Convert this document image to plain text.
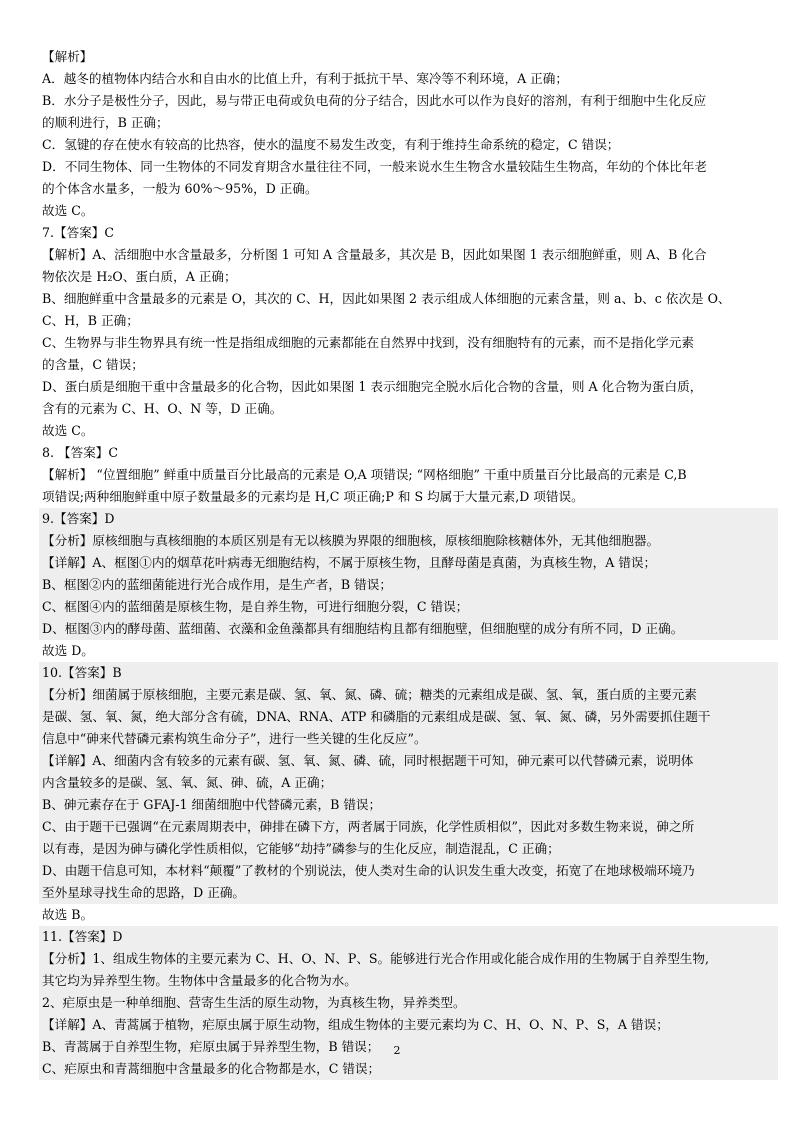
【解析】
A．越冬的植物体内结合水和自由水的比值上升，有利于抵抗干旱、寒冷等不利环境，A 正确；
B．水分子是极性分子，因此，易与带正电荷或负电荷的分子结合，因此水可以作为良好的溶剂，有利于细胞中生化反应
的顺利进行，B 正确；
C．氢键的存在使水有较高的比热容，使水的温度不易发生改变，有利于维持生命系统的稳定，C 错误；
D．不同生物体、同一生物体的不同发育期含水量往往不同，一般来说水生生物含水量较陆生生物高，年幼的个体比年老
的个体含水量多，一般为 60%～95%，D 正确。
故选 C。
7.【答案】C
【解析】A、活细胞中水含量最多，分析图 1 可知 A 含量最多，其次是 B，因此如果图 1 表示细胞鲜重，则 A、B 化合
物依次是 H₂O、蛋白质，A 正确；
B、细胞鲜重中含量最多的元素是 O，其次的 C、H，因此如果图 2 表示组成人体细胞的元素含量，则 a、b、c 依次是 O、
C、H，B 正确；
C、生物界与非生物界具有统一性是指组成细胞的元素都能在自然界中找到，没有细胞特有的元素，而不是指化学元素
的含量，C 错误；
D、蛋白质是细胞干重中含量最多的化合物，因此如果图 1 表示细胞完全脱水后化合物的含量，则 A 化合物为蛋白质，
含有的元素为 C、H、O、N 等，D 正确。
故选 C。
8. 【答案】C
【解析】 “位置细胞” 鲜重中质量百分比最高的元素是 O,A 项错误; “网格细胞” 干重中质量百分比最高的元素是 C,B
项错误;两种细胞鲜重中原子数量最多的元素均是 H,C 项正确;P 和 S 均属于大量元素,D 项错误。
9.【答案】D
【分析】原核细胞与真核细胞的本质区别是有无以核膜为界限的细胞核，原核细胞除核糖体外，无其他细胞器。
【详解】A、框图①内的烟草花叶病毒无细胞结构，不属于原核生物，且酵母菌是真菌，为真核生物，A 错误；
B、框图②内的蓝细菌能进行光合成作用，是生产者，B 错误；
C、框图④内的蓝细菌是原核生物，是自养生物，可进行细胞分裂，C 错误；
D、框图③内的酵母菌、蓝细菌、衣藻和金鱼藻都具有细胞结构且都有细胞壁，但细胞壁的成分有所不同，D 正确。
故选 D。
10.【答案】B
【分析】细菌属于原核细胞，主要元素是碳、氢、氧、氮、磷、硫；糖类的元素组成是碳、氢、氧，蛋白质的主要元素
是碳、氢、氧、氮，绝大部分含有硫，DNA、RNA、ATP 和磷脂的元素组成是碳、氢、氧、氮、磷，另外需要抓住题干
信息中“砷来代替磷元素构筑生命分子”，进行一些关键的生化反应”。
【详解】A、细菌内含有较多的元素有碳、氢、氧、氮、磷、硫，同时根据题干可知，砷元素可以代替磷元素，说明体
内含量较多的是碳、氢、氧、氮、砷、硫，A 正确；
B、砷元素存在于 GFAJ-1 细菌细胞中代替磷元素，B 错误；
C、由于题干已强调“在元素周期表中，砷排在磷下方，两者属于同族，化学性质相似”，因此对多数生物来说，砷之所
以有毒，是因为砷与磷化学性质相似，它能够“劫持”磷参与的生化反应，制造混乱，C 正确；
D、由题干信息可知，本材料“颠覆”了教材的个别说法，使人类对生命的认识发生重大改变，拓宽了在地球极端环境乃
至外星球寻找生命的思路，D 正确。
故选 B。
11.【答案】D
【分析】1、组成生物体的主要元素为 C、H、O、N、P、S。能够进行光合作用或化能合成作用的生物属于自养型生物,
其它均为异养型生物。生物体中含量最多的化合物为水。
2、疟原虫是一种单细胞、营寄生生活的原生动物，为真核生物，异养类型。
【详解】A、青蒿属于植物，疟原虫属于原生动物，组成生物体的主要元素均为 C、H、O、N、P、S，A 错误；
B、青蒿属于自养型生物，疟原虫属于异养型生物，B 错误；
C、疟原虫和青蒿细胞中含量最多的化合物都是水，C 错误；
2
